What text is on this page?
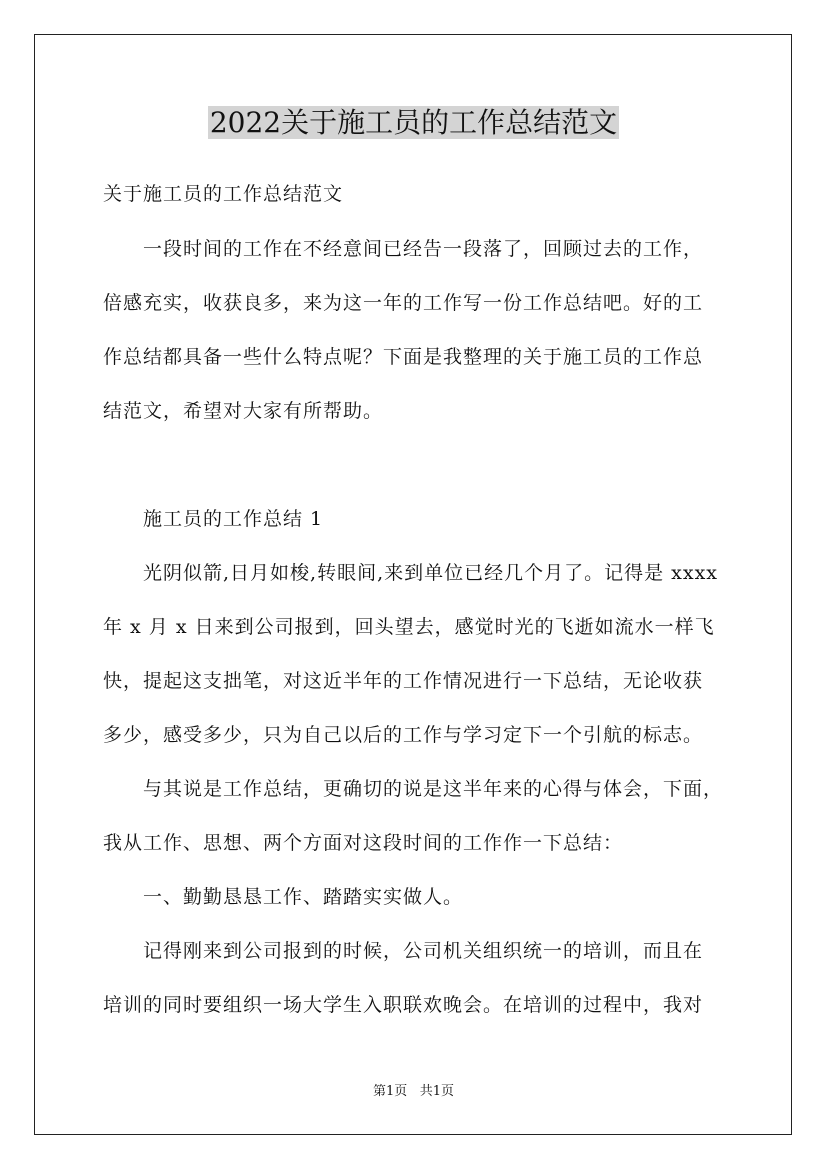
2022关于施工员的工作总结范文
关于施工员的工作总结范文
一段时间的工作在不经意间已经告一段落了，回顾过去的工作，
倍感充实，收获良多，来为这一年的工作写一份工作总结吧。好的工
作总结都具备一些什么特点呢？下面是我整理的关于施工员的工作总
结范文，希望对大家有所帮助。
施工员的工作总结 1
光阴似箭,日月如梭,转眼间,来到单位已经几个月了。记得是 xxxx
年 x 月 x 日来到公司报到，回头望去，感觉时光的飞逝如流水一样飞
快，提起这支拙笔，对这近半年的工作情况进行一下总结，无论收获
多少，感受多少，只为自己以后的工作与学习定下一个引航的标志。
与其说是工作总结，更确切的说是这半年来的心得与体会，下面，
我从工作、思想、两个方面对这段时间的工作作一下总结：
一、勤勤恳恳工作、踏踏实实做人。
记得刚来到公司报到的时候，公司机关组织统一的培训，而且在
培训的同时要组织一场大学生入职联欢晚会。在培训的过程中，我对
第1页 共1页
